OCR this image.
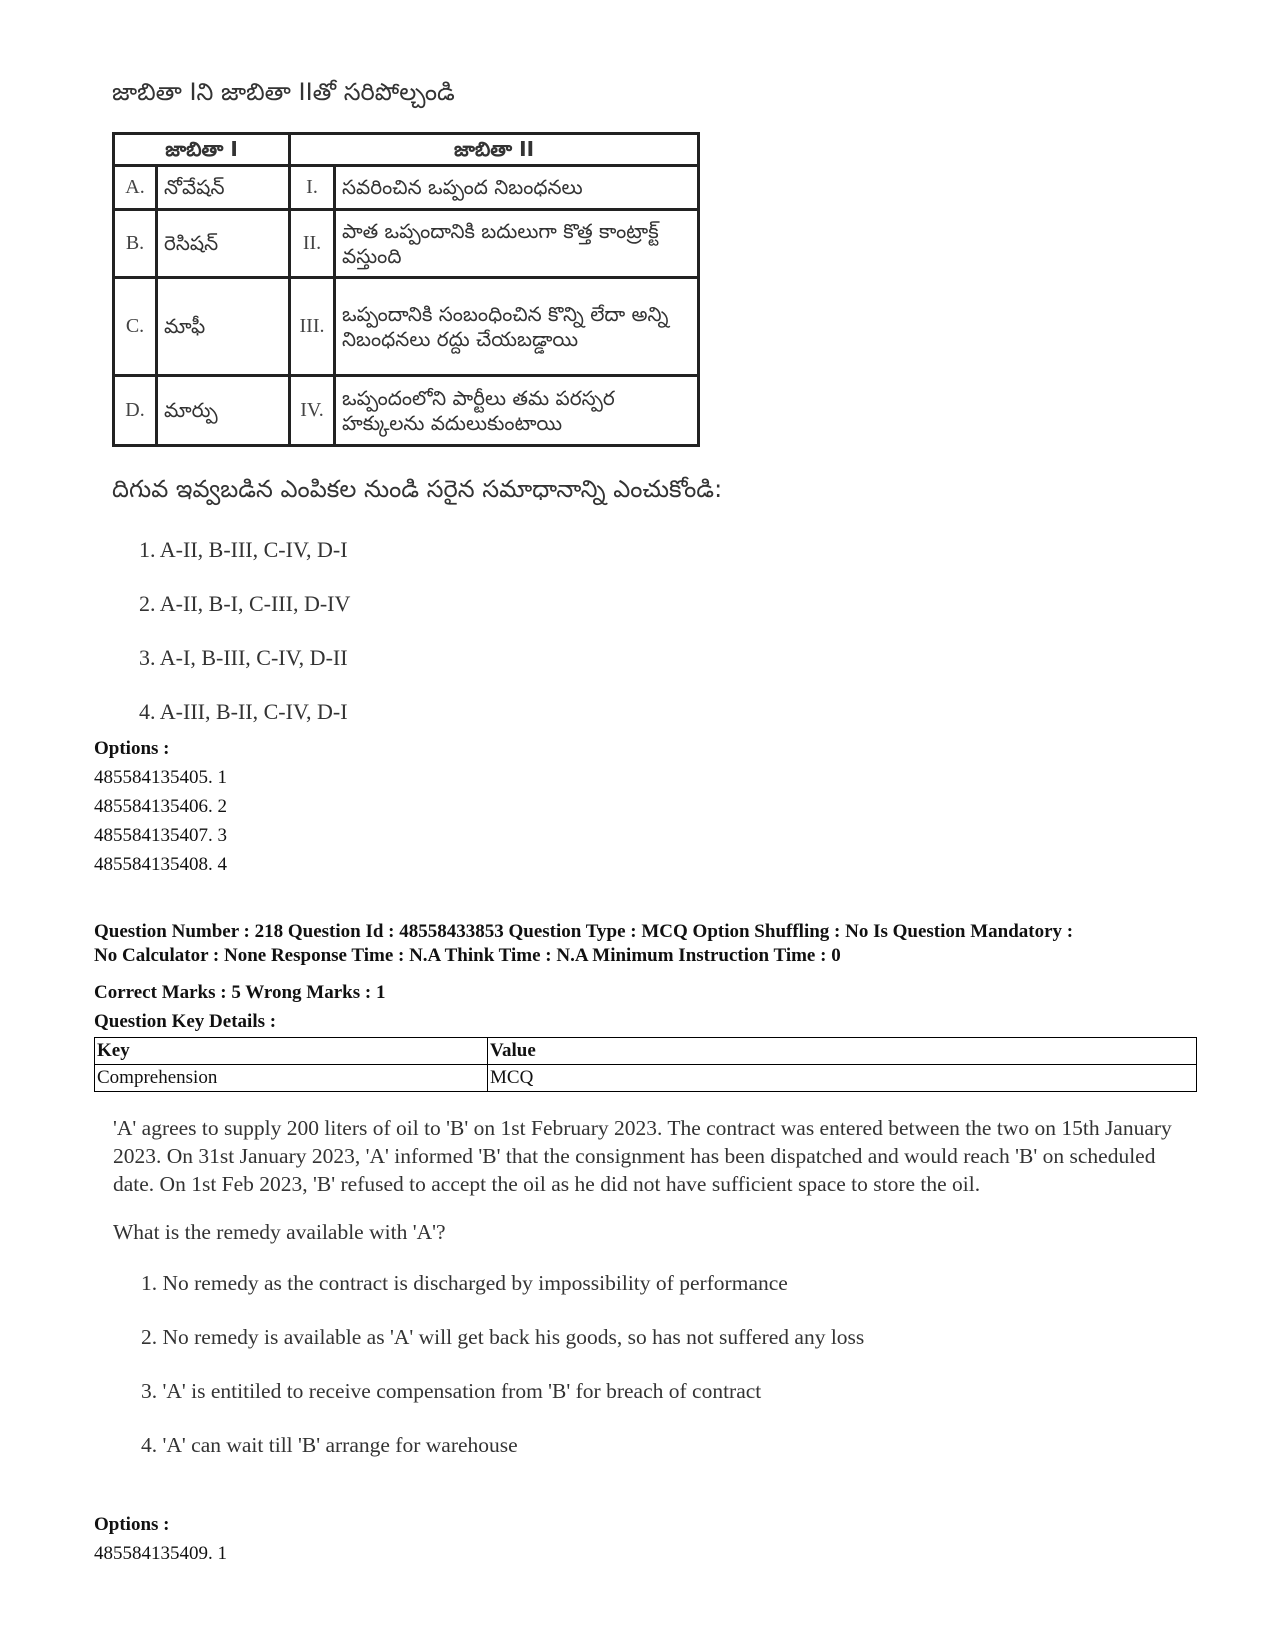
జాబితా Iని జాబితా IIతో సరిపోల్చండి
జాబితా I		జాబితా II	
A.	నోవేషన్	I.	సవరించిన ఒప్పంద నిబంధనలు
B.	రెసిషన్	II.	పాత ఒప్పందానికి బదులుగా కొత్త కాంట్రాక్ట్ వస్తుంది
C.	మాఫీ	III.	ఒప్పందానికి సంబంధించిన కొన్ని లేదా అన్ని నిబంధనలు రద్దు చేయబడ్డాయి
D.	మార్పు	IV.	ఒప్పందంలోని పార్టీలు తమ పరస్పర హక్కులను వదులుకుంటాయి
దిగువ ఇవ్వబడిన ఎంపికల నుండి సరైన సమాధానాన్ని ఎంచుకోండి:
1. A-II, B-III, C-IV, D-I
2. A-II, B-I, C-III, D-IV
3. A-I, B-III, C-IV, D-II
4. A-III, B-II, C-IV, D-I
Options :
485584135405. 1
485584135406. 2
485584135407. 3
485584135408. 4
Question Number : 218 Question Id : 48558433853 Question Type : MCQ Option Shuffling : No Is Question Mandatory :
No Calculator : None Response Time : N.A Think Time : N.A Minimum Instruction Time : 0
Correct Marks : 5 Wrong Marks : 1
Question Key Details :
Key	Value
Comprehension	MCQ
'A' agrees to supply 200 liters of oil to 'B' on 1st February 2023. The contract was entered between the two on 15th January 2023. On 31st January 2023, 'A' informed 'B' that the consignment has been dispatched and would reach 'B' on scheduled date. On 1st Feb 2023, 'B' refused to accept the oil as he did not have sufficient space to store the oil.
What is the remedy available with 'A'?
1. No remedy as the contract is discharged by impossibility of performance
2. No remedy is available as 'A' will get back his goods, so has not suffered any loss
3. 'A' is entitiled to receive compensation from 'B' for breach of contract
4. 'A' can wait till 'B' arrange for warehouse
Options :
485584135409. 1
